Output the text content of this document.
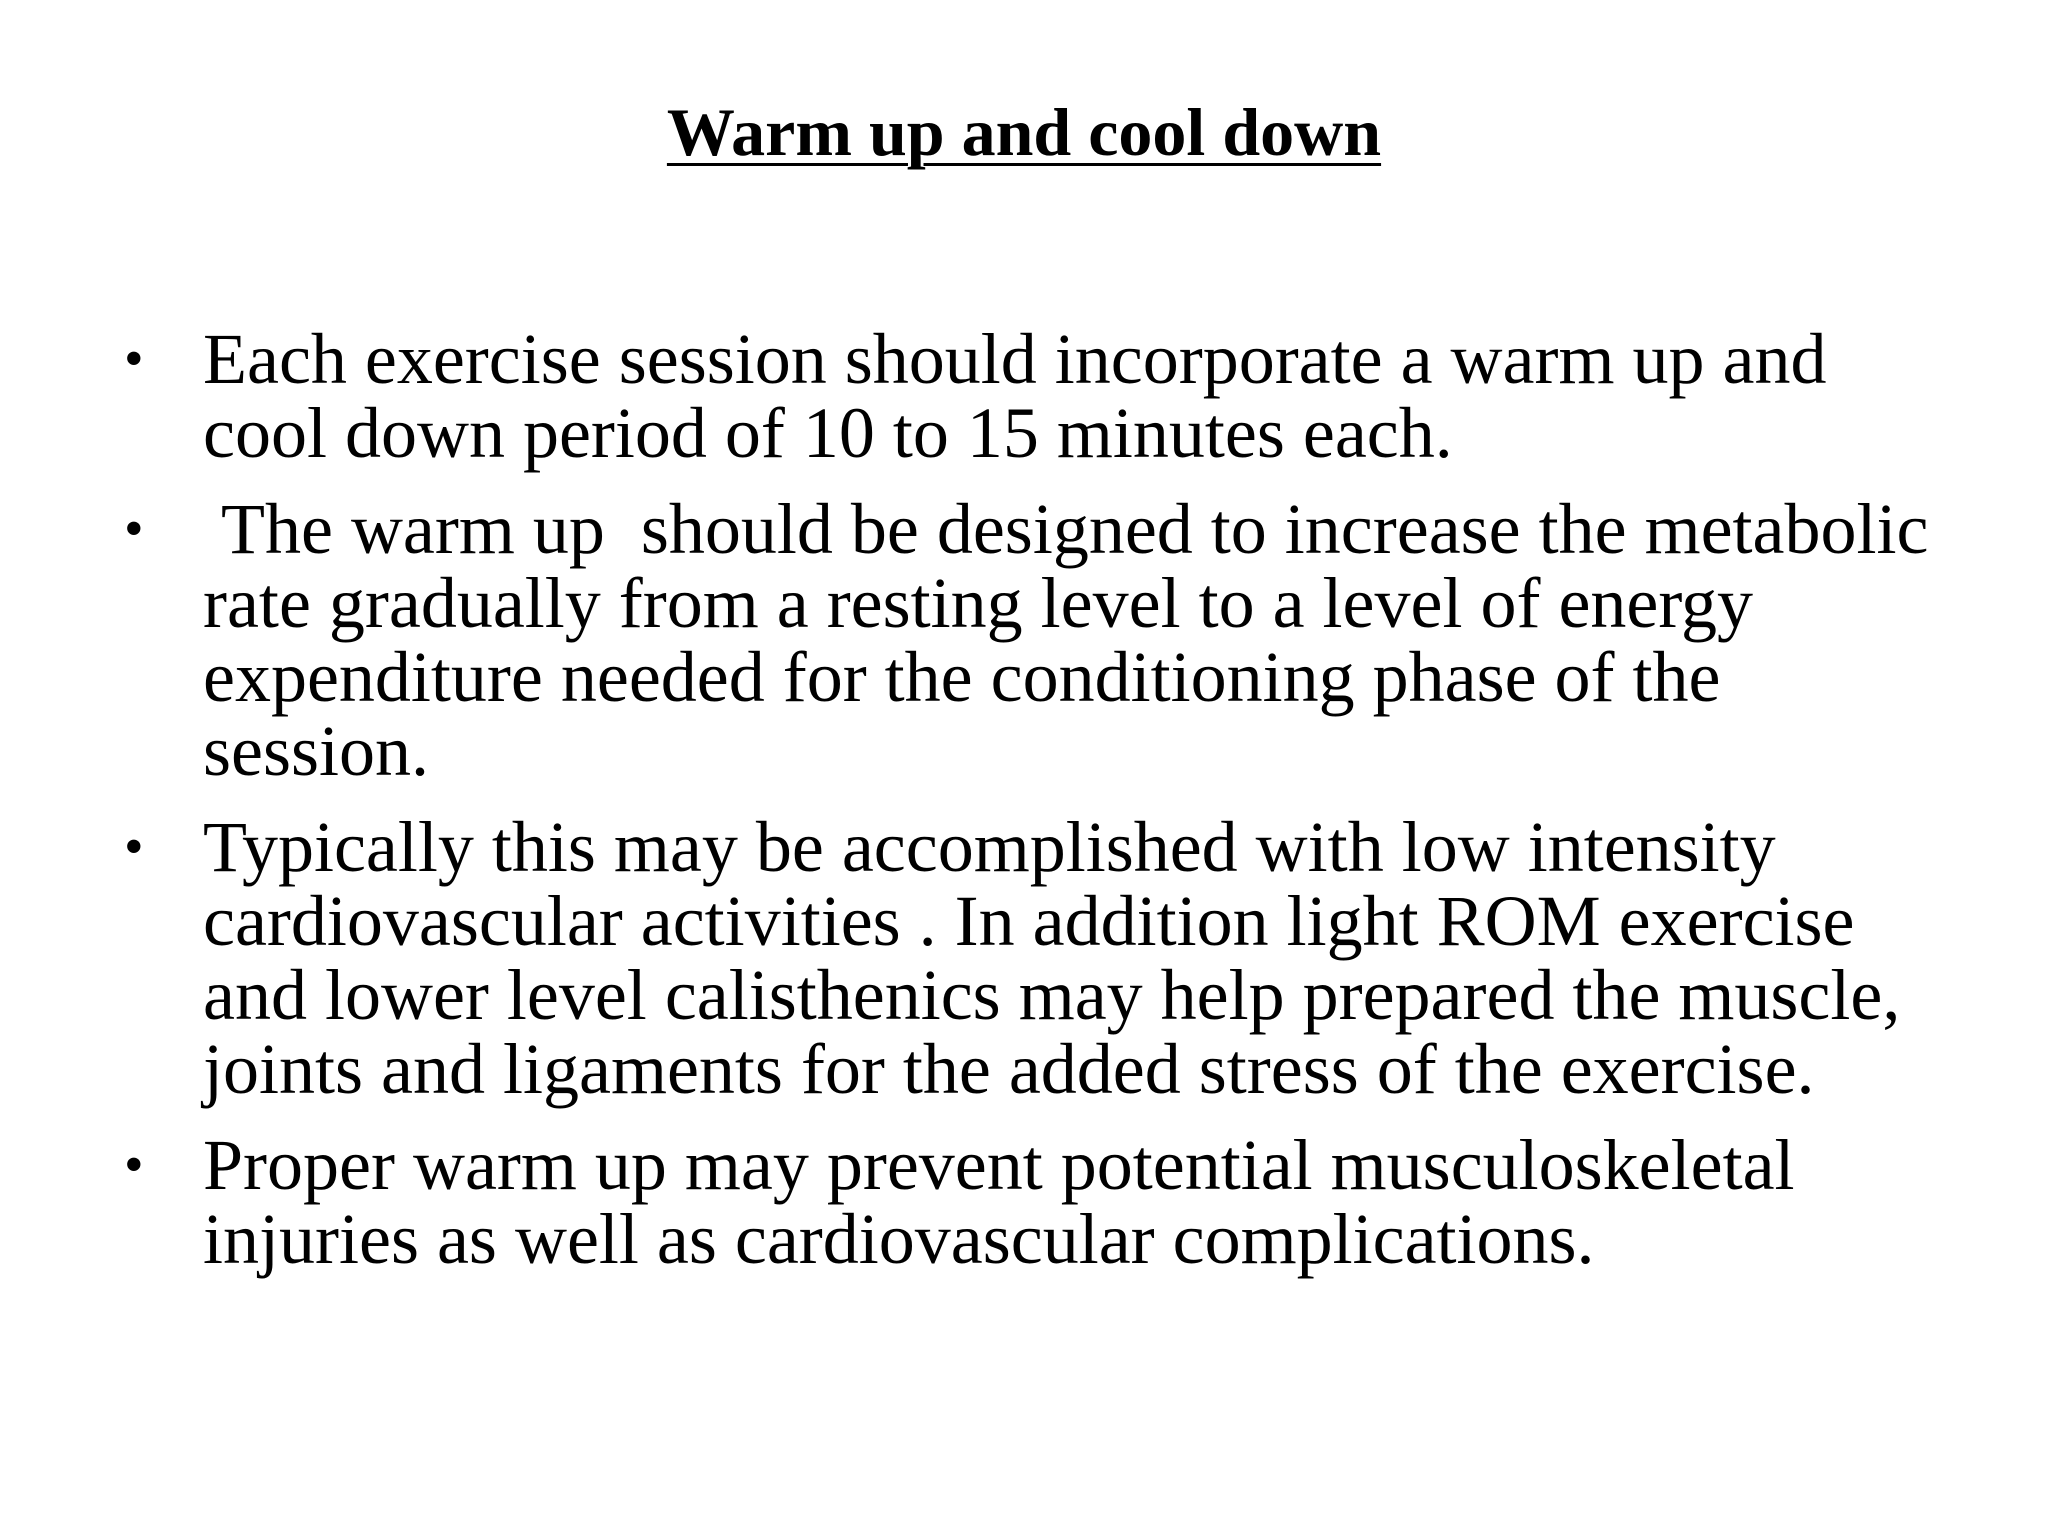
Warm up and cool down
• Each exercise session should incorporate a warm up and cool down period of 10 to 15 minutes each.
• The warm up  should be designed to increase the metabolic rate gradually from a resting level to a level of energy expenditure needed for the conditioning phase of the session.
• Typically this may be accomplished with low intensity cardiovascular activities . In addition light ROM exercise and lower level calisthenics may help prepared the muscle, joints and ligaments for the added stress of the exercise.
• Proper warm up may prevent potential musculoskeletal injuries as well as cardiovascular complications.
